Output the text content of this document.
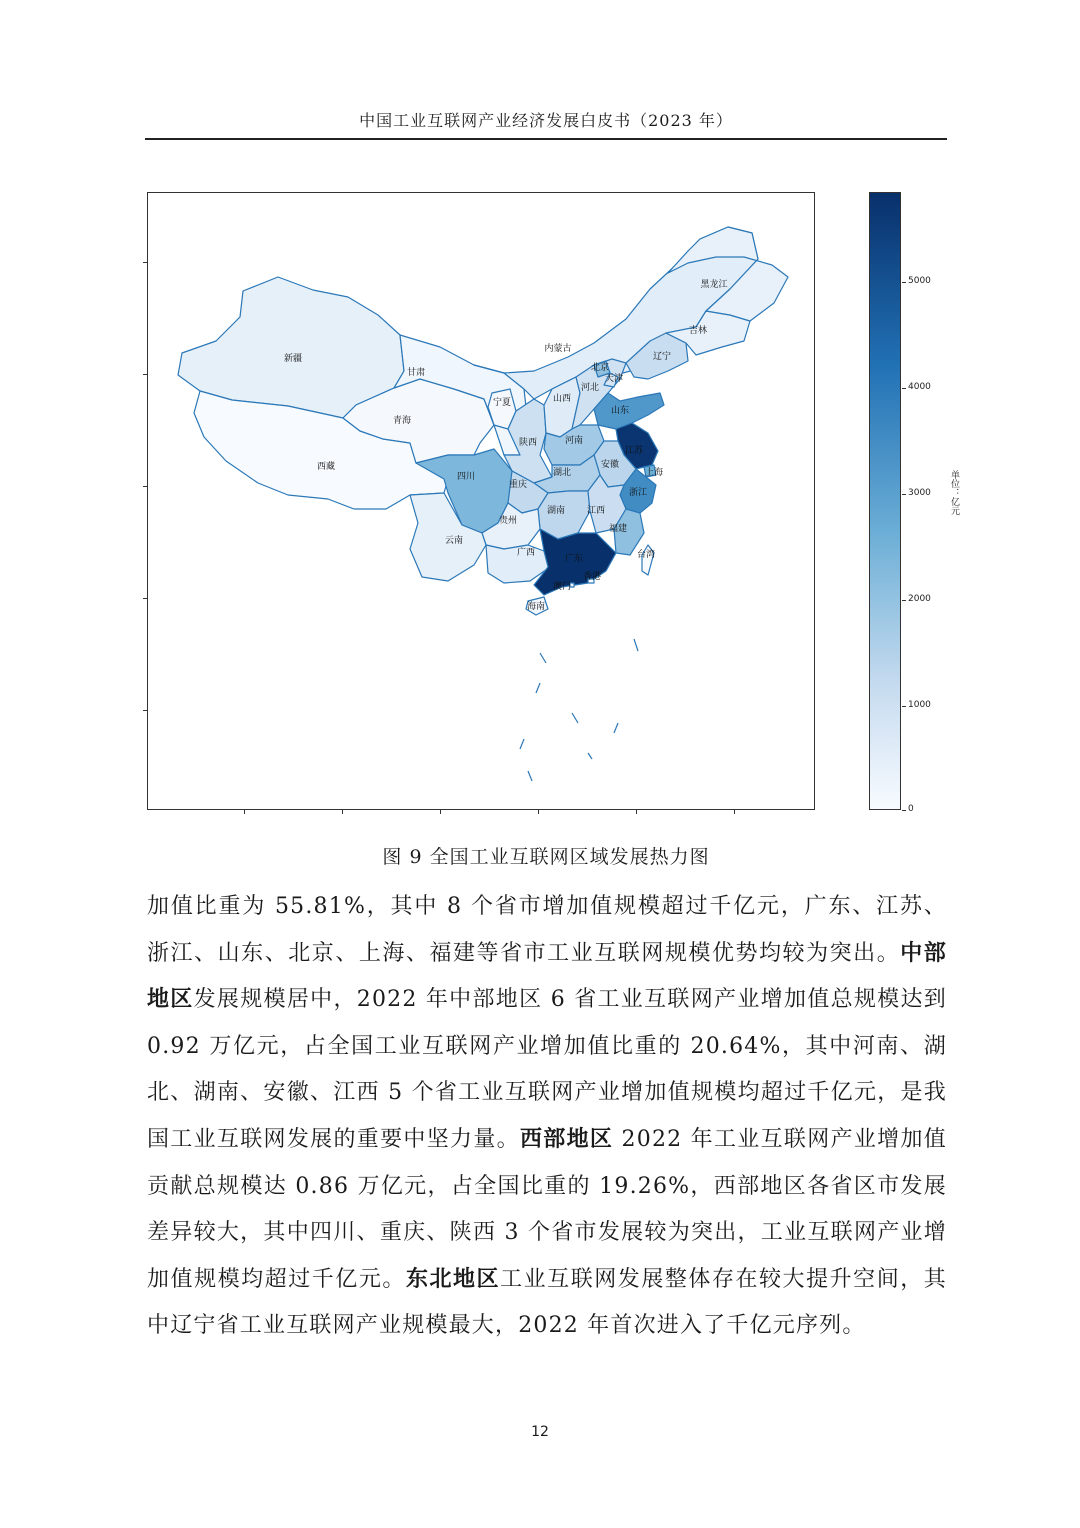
中国工业互联网产业经济发展白皮书（2023 年）
新疆
西藏
青海
甘肃
内蒙古
宁夏
陕西
山西
河北
北京
天津
辽宁
吉林
黑龙江
山东
河南
江苏
上海
安徽
湖北
四川
重庆
浙江
湖南 江西
贵州
云南
福建
广西
广东	台湾
香港
澳门
海南
5000
4000
3000
2000
1000
0
单位：亿元
图 9 全国工业互联网区域发展热力图
加值比重为 55.81%，其中 8 个省市增加值规模超过千亿元，广东、江苏、浙江、山东、北京、上海、福建等省市工业互联网规模优势均较为突出。中部地区发展规模居中，2022 年中部地区 6 省工业互联网产业增加值总规模达到 0.92 万亿元，占全国工业互联网产业增加值比重的 20.64%，其中河南、湖北、湖南、安徽、江西 5 个省工业互联网产业增加值规模均超过千亿元，是我国工业互联网发展的重要中坚力量。西部地区 2022 年工业互联网产业增加值贡献总规模达 0.86 万亿元，占全国比重的 19.26%，西部地区各省区市发展差异较大，其中四川、重庆、陕西 3 个省市发展较为突出，工业互联网产业增加值规模均超过千亿元。东北地区工业互联网发展整体存在较大提升空间，其中辽宁省工业互联网产业规模最大，2022 年首次进入了千亿元序列。
12
